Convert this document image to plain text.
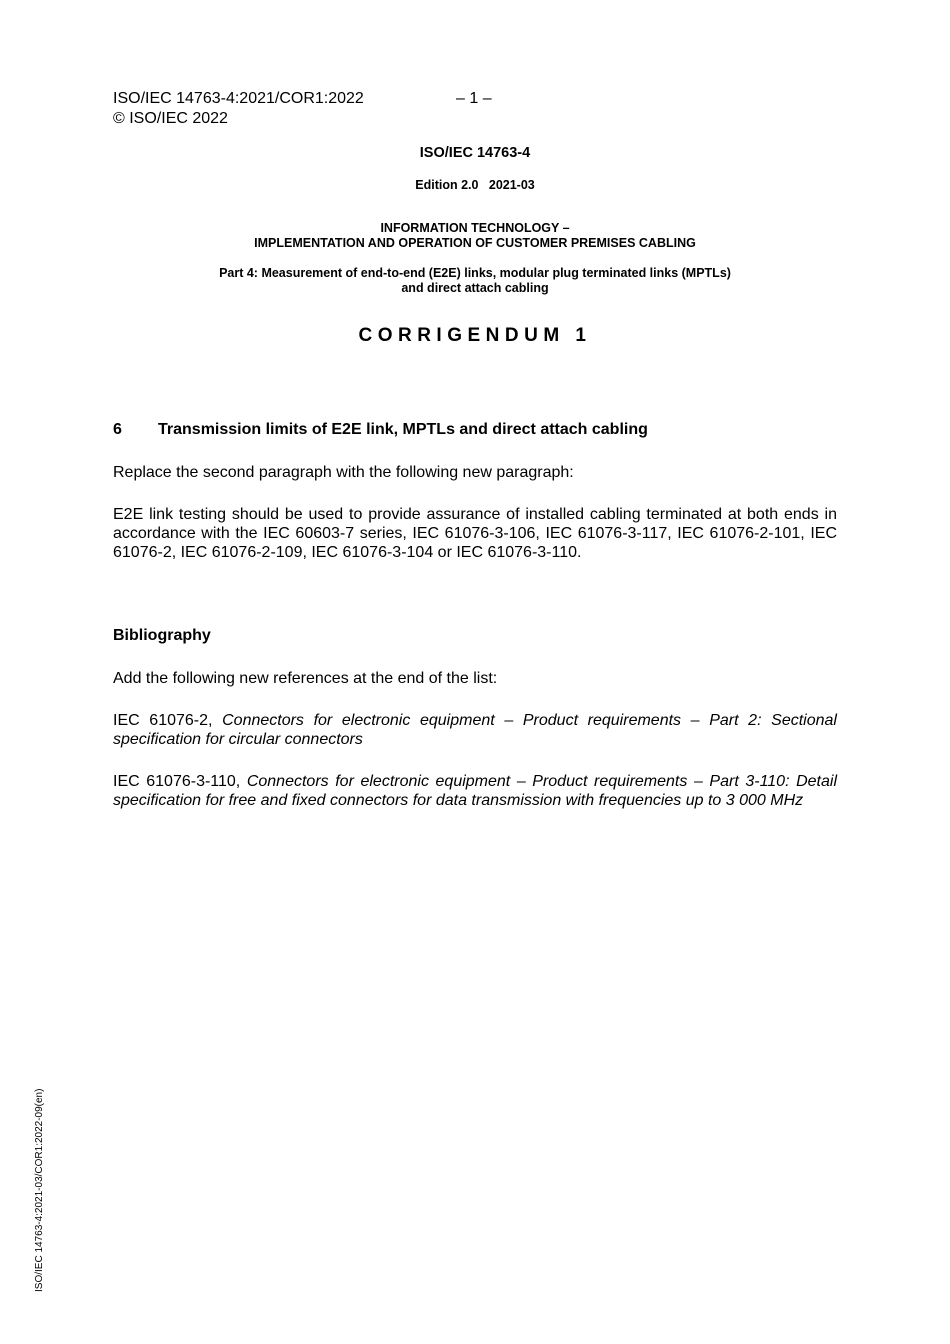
ISO/IEC 14763-4:2021/COR1:2022	– 1 –
© ISO/IEC 2022
ISO/IEC 14763-4
Edition 2.0   2021-03
INFORMATION TECHNOLOGY –
IMPLEMENTATION AND OPERATION OF CUSTOMER PREMISES CABLING
Part 4: Measurement of end-to-end (E2E) links, modular plug terminated links (MPTLs)
and direct attach cabling
CORRIGENDUM 1
6 Transmission limits of E2E link, MPTLs and direct attach cabling
Replace the second paragraph with the following new paragraph:
E2E link testing should be used to provide assurance of installed cabling terminated at both ends in accordance with the IEC 60603-7 series, IEC 61076-3-106, IEC 61076-3-117, IEC 61076-2-101, IEC 61076-2, IEC 61076-2-109, IEC 61076-3-104 or IEC 61076-3-110.
Bibliography
Add the following new references at the end of the list:
IEC 61076-2, Connectors for electronic equipment – Product requirements – Part 2: Sectional specification for circular connectors
IEC 61076-3-110, Connectors for electronic equipment – Product requirements – Part 3-110: Detail specification for free and fixed connectors for data transmission with frequencies up to 3 000 MHz
ISO/IEC 14763-4:2021-03/COR1:2022-09(en)
